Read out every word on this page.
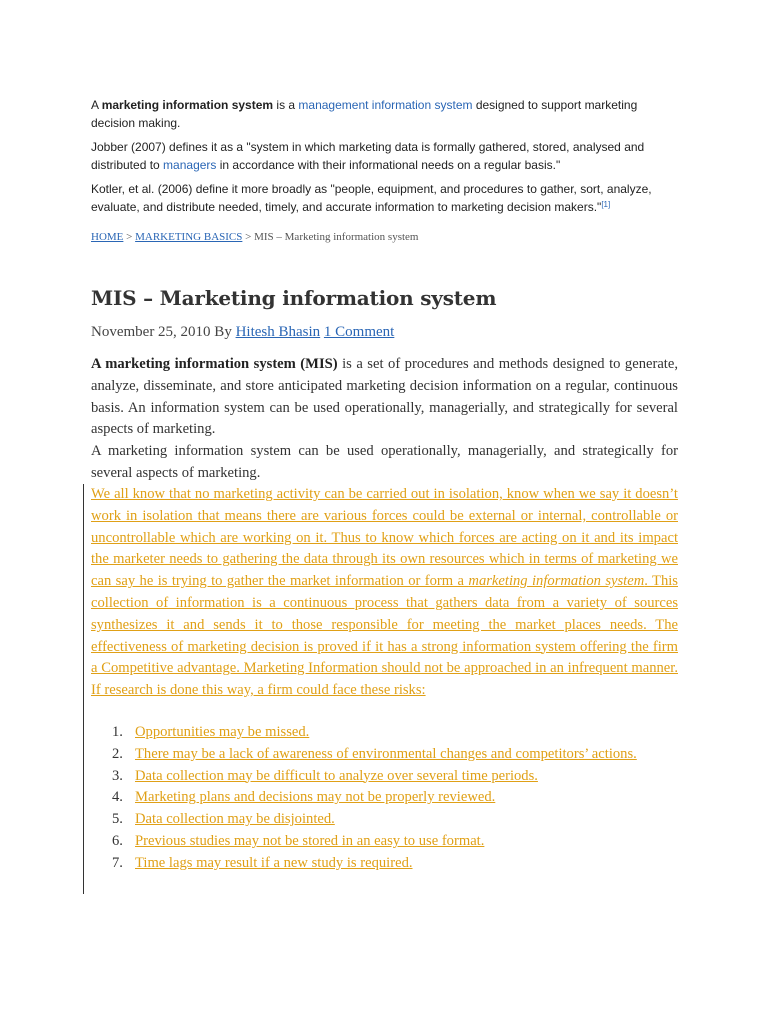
A marketing information system is a management information system designed to support marketing decision making.

Jobber (2007) defines it as a "system in which marketing data is formally gathered, stored, analysed and distributed to managers in accordance with their informational needs on a regular basis."

Kotler, et al. (2006) define it more broadly as "people, equipment, and procedures to gather, sort, analyze, evaluate, and distribute needed, timely, and accurate information to marketing decision makers."[1]

HOME > MARKETING BASICS > MIS – Marketing information system
MIS – Marketing information system
November 25, 2010 By Hitesh Bhasin 1 Comment

A marketing information system (MIS) is a set of procedures and methods designed to generate, analyze, disseminate, and store anticipated marketing decision information on a regular, continuous basis. An information system can be used operationally, managerially, and strategically for several aspects of marketing.

A marketing information system can be used operationally, managerially, and strategically for several aspects of marketing.

We all know that no marketing activity can be carried out in isolation, know when we say it doesn’t work in isolation that means there are various forces could be external or internal, controllable or uncontrollable which are working on it. Thus to know which forces are acting on it and its impact the marketer needs to gathering the data through its own resources which in terms of marketing we can say he is trying to gather the market information or form a marketing information system. This collection of information is a continuous process that gathers data from a variety of sources synthesizes it and sends it to those responsible for meeting the market places needs. The effectiveness of marketing decision is proved if it has a strong information system offering the firm a Competitive advantage. Marketing Information should not be approached in an infrequent manner. If research is done this way, a firm could face these risks:

1. Opportunities may be missed.
2. There may be a lack of awareness of environmental changes and competitors’ actions.
3. Data collection may be difficult to analyze over several time periods.
4. Marketing plans and decisions may not be properly reviewed.
5. Data collection may be disjointed.
6. Previous studies may not be stored in an easy to use format.
7. Time lags may result if a new study is required.
